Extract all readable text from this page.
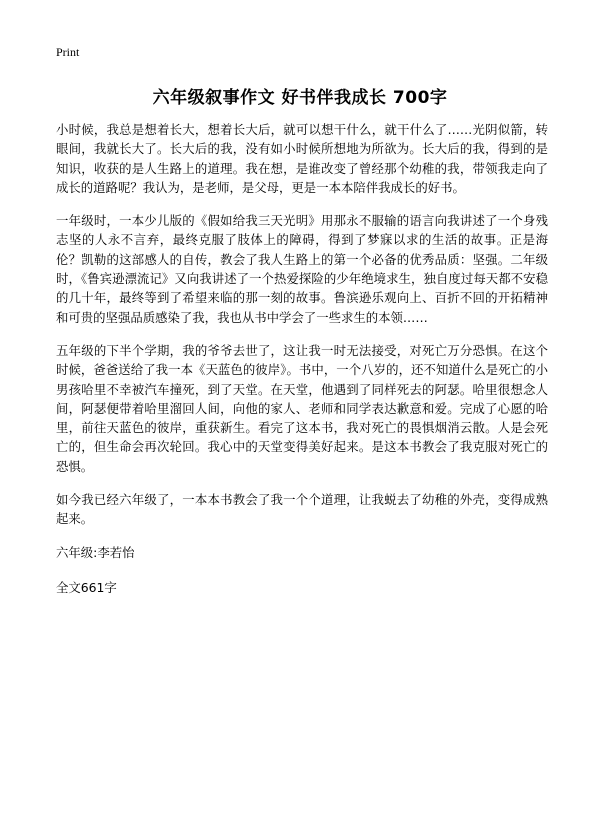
Print
六年级叙事作文 好书伴我成长 700字

小时候，我总是想着长大，想着长大后，就可以想干什么，就干什么了……光阴似箭，转眼间，我就长大了。长大后的我，没有如小时候所想地为所欲为。长大后的我，得到的是知识，收获的是人生路上的道理。我在想，是谁改变了曾经那个幼稚的我，带领我走向了成长的道路呢？我认为，是老师，是父母，更是一本本陪伴我成长的好书。

一年级时，一本少儿版的《假如给我三天光明》用那永不服输的语言向我讲述了一个身残志坚的人永不言弃，最终克服了肢体上的障碍，得到了梦寐以求的生活的故事。正是海伦？凯勒的这部感人的自传，教会了我人生路上的第一个必备的优秀品质：坚强。二年级时，《鲁宾逊漂流记》又向我讲述了一个热爱探险的少年绝境求生，独自度过每天都不安稳的几十年，最终等到了希望来临的那一刻的故事。鲁滨逊乐观向上、百折不回的开拓精神和可贵的坚强品质感染了我，我也从书中学会了一些求生的本领……

五年级的下半个学期，我的爷爷去世了，这让我一时无法接受，对死亡万分恐惧。在这个时候，爸爸送给了我一本《天蓝色的彼岸》。书中，一个八岁的，还不知道什么是死亡的小男孩哈里不幸被汽车撞死，到了天堂。在天堂，他遇到了同样死去的阿瑟。哈里很想念人间，阿瑟便带着哈里溜回人间，向他的家人、老师和同学表达歉意和爱。完成了心愿的哈里，前往天蓝色的彼岸，重获新生。看完了这本书，我对死亡的畏惧烟消云散。人是会死亡的，但生命会再次轮回。我心中的天堂变得美好起来。是这本书教会了我克服对死亡的恐惧。

如今我已经六年级了，一本本书教会了我一个个道理，让我蜕去了幼稚的外壳，变得成熟起来。

六年级:李若怡

全文661字
